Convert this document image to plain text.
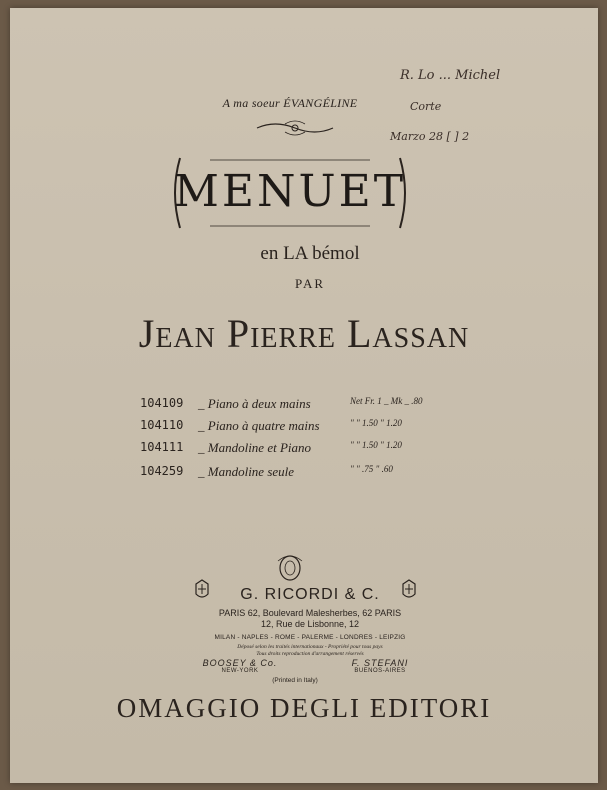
A ma soeur ÉVANGÉLINE
R. Lo ... Michel
Corte
Marzo 28 [ ] 2
MENUET
en LA bémol
PAR
Jean Pierre Lassan
104109 _ Piano à deux mains	Net Fr. 1 _ Mk _ .80
104110 _ Piano à quatre mains	" " 1.50 " 1.20
104111 _ Mandoline et Piano	" " 1.50 " 1.20
104259 _ Mandoline seule	" " .75 " .60
G. RICORDI & C.
PARIS 62, Boulevard Malesherbes, 62 PARIS
12, Rue de Lisbonne, 12
MILAN - NAPLES - ROME - PALERME - LONDRES - LEIPZIG
Déposé selon les traités internationaux - Propriété pour tous pays
Tous droits reproduction d'arrangement réservés
BOOSEY & Co.
NEW-YORK
F. STEFANI
BUENOS-AIRES
(Printed in Italy)
OMAGGIO DEGLI EDITORI
